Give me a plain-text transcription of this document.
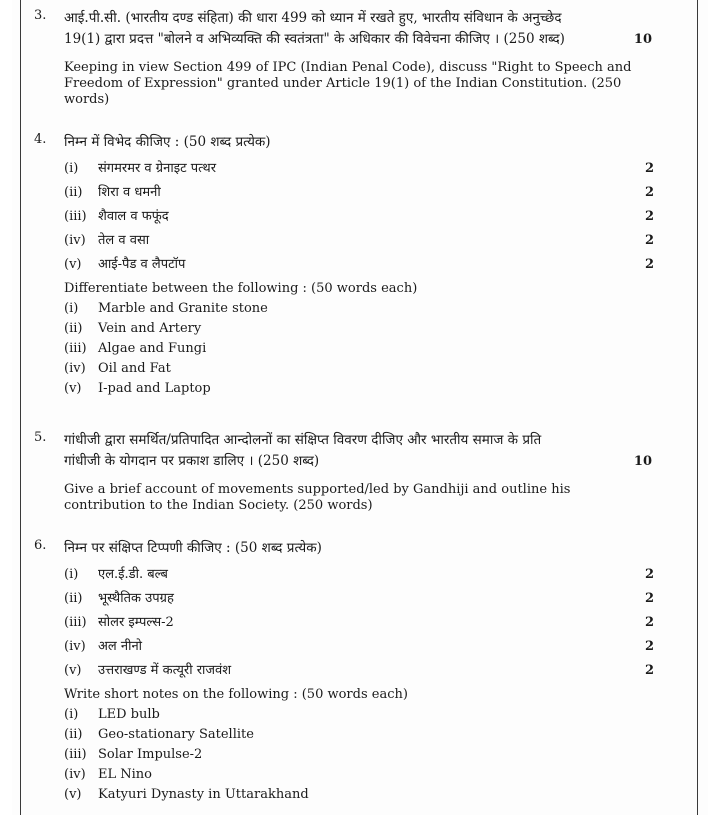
3. आई.पी.सी. (भारतीय दण्ड संहिता) की धारा 499 को ध्यान में रखते हुए, भारतीय संविधान के अनुच्छेद
19(1) द्वारा प्रदत्त "बोलने व अभिव्यक्ति की स्वतंत्रता" के अधिकार की विवेचना कीजिए । (250 शब्द)	10
Keeping in view Section 499 of IPC (Indian Penal Code), discuss "Right to Speech and Freedom of Expression" granted under Article 19(1) of the Indian Constitution. (250 words)
4. निम्न में विभेद कीजिए : (50 शब्द प्रत्येक)
(i)	संगमरमर व ग्रेनाइट पत्थर	2
(ii)	शिरा व धमनी	2
(iii) शैवाल व फफूंद	2
(iv) तेल व वसा	2
(v)	आई-पैड व लैपटॉप	2
Differentiate between the following : (50 words each)
(i)	Marble and Granite stone
(ii)	Vein and Artery
(iii) Algae and Fungi
(iv) Oil and Fat
(v)	I-pad and Laptop
5. गांधीजी द्वारा समर्थित/प्रतिपादित आन्दोलनों का संक्षिप्त विवरण दीजिए और भारतीय समाज के प्रति
गांधीजी के योगदान पर प्रकाश डालिए । (250 शब्द)	10
Give a brief account of movements supported/led by Gandhiji and outline his contribution to the Indian Society. (250 words)
6. निम्न पर संक्षिप्त टिप्पणी कीजिए : (50 शब्द प्रत्येक)
(i)	एल.ई.डी. बल्ब	2
(ii)	भूस्थैतिक उपग्रह	2
(iii) सोलर इम्पल्स-2	2
(iv) अल नीनो	2
(v)	उत्तराखण्ड में कत्यूरी राजवंश	2
Write short notes on the following : (50 words each)
(i)	LED bulb
(ii)	Geo-stationary Satellite
(iii) Solar Impulse-2
(iv) EL Nino
(v)	Katyuri Dynasty in Uttarakhand
